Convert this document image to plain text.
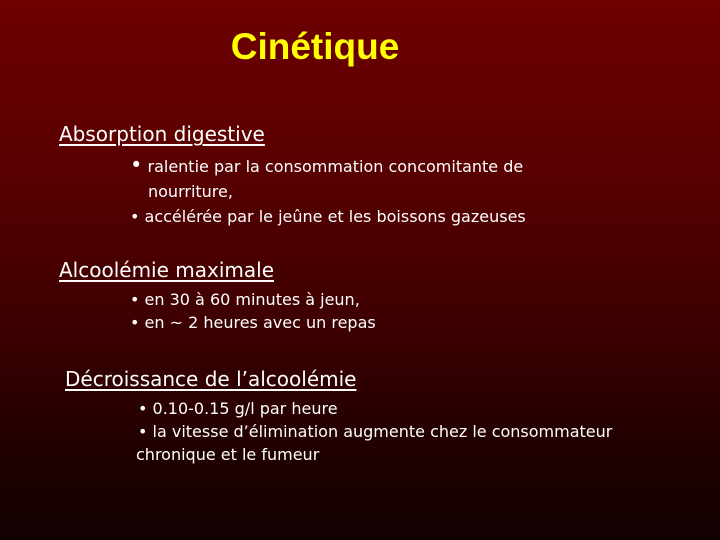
Cinétique
Absorption digestive
• ralentie par la consommation concomitante de
nourriture,
• accélérée par le jeûne et les boissons gazeuses
Alcoolémie maximale
• en 30 à 60 minutes à jeun,
• en ~ 2 heures avec un repas
Décroissance de l’alcoolémie
• 0.10-0.15 g/l par heure
• la vitesse d’élimination augmente chez le consommateur
chronique et le fumeur
